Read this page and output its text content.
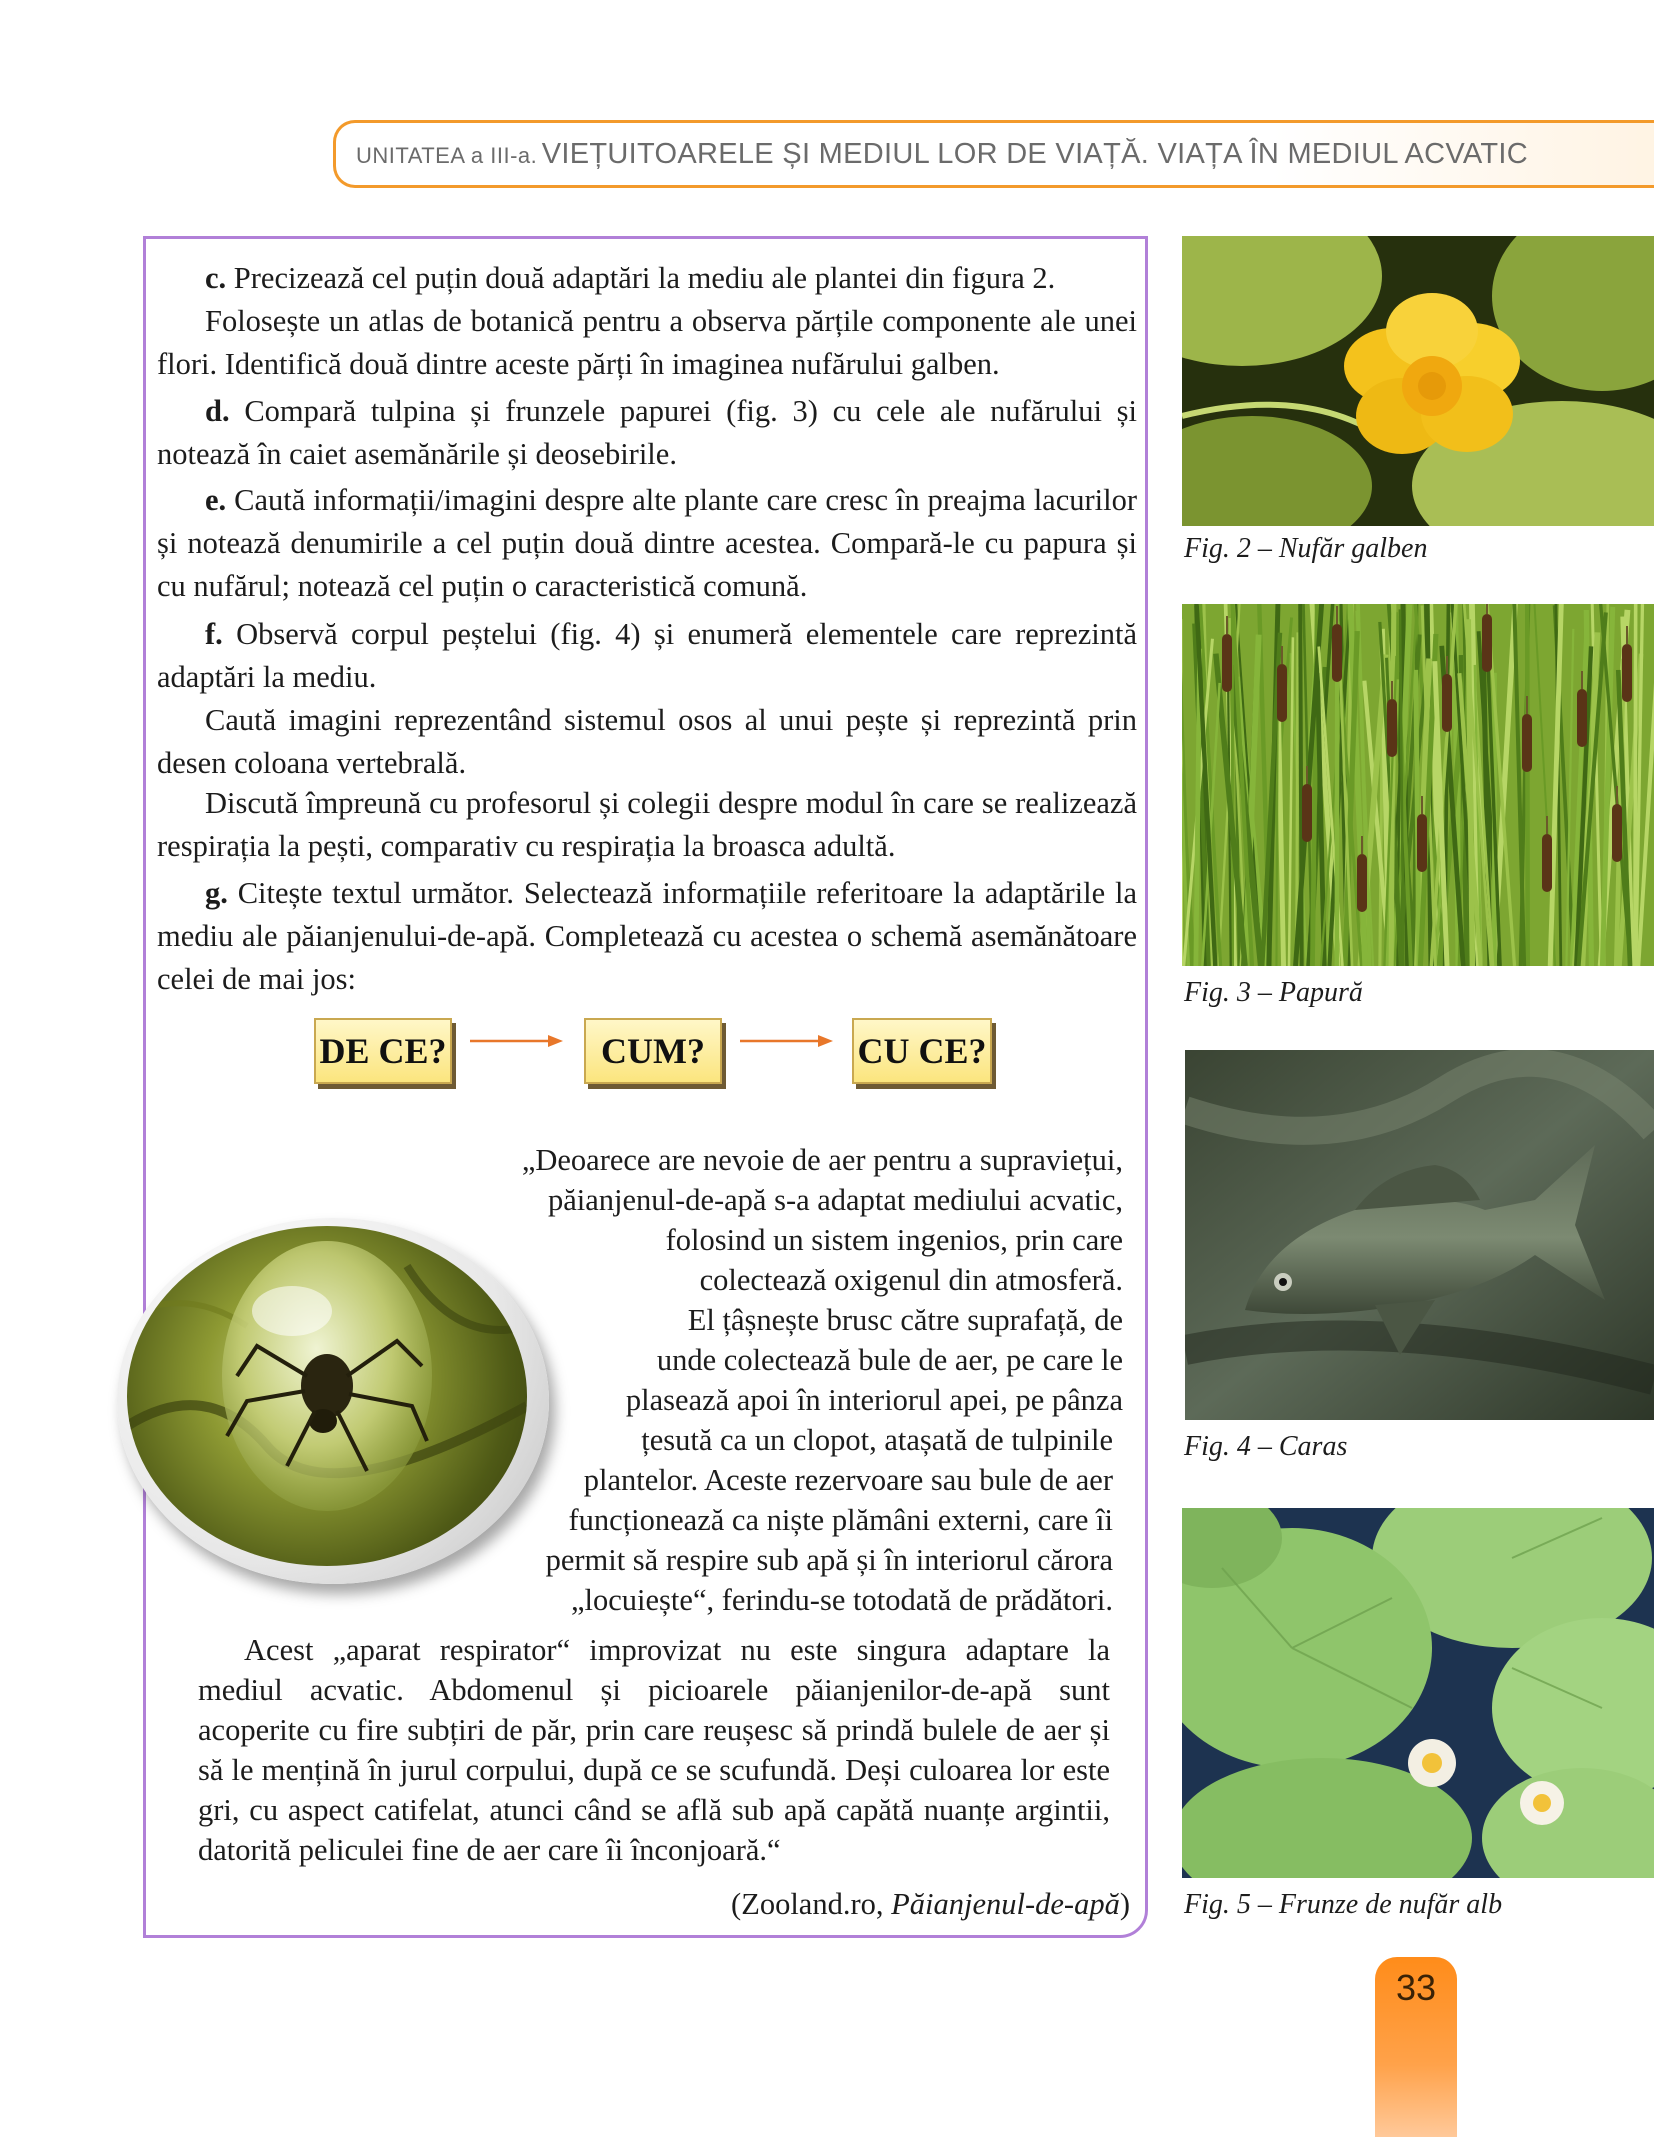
UNITATEA a III-a. VIEȚUITOARELE ȘI MEDIUL LOR DE VIAȚĂ. VIAȚA ÎN MEDIUL ACVATIC

c. Precizează cel puțin două adaptări la mediu ale plantei din figura 2.

Folosește un atlas de botanică pentru a observa părțile componente ale unei flori. Identifică două dintre aceste părți în imaginea nufărului galben.

d. Compară tulpina și frunzele papurei (fig. 3) cu cele ale nufărului și notează în caiet asemănările și deosebirile.

e. Caută informații/imagini despre alte plante care cresc în preajma lacurilor și notează denumirile a cel puțin două dintre acestea. Compară-le cu papura și cu nufărul; notează cel puțin o caracteristică comună.

f. Observă corpul peștelui (fig. 4) și enumeră elementele care reprezintă adaptări la mediu.

Caută imagini reprezentând sistemul osos al unui pește și reprezintă prin desen coloana vertebrală.

Discută împreună cu profesorul și colegii despre modul în care se realizează respirația la pești, comparativ cu respirația la broasca adultă.

g. Citește textul următor. Selectează informațiile referitoare la adaptările la mediu ale păianjenului-de-apă. Completează cu acestea o schemă asemănătoare celei de mai jos:

DE CE?	CUM?	CU CE?
„Deoarece are nevoie de aer pentru a supraviețui,
păianjenul-de-apă s-a adaptat mediului acvatic,
folosind un sistem ingenios, prin care
colectează oxigenul din atmosferă.
El țâșnește brusc către suprafață, de
unde colectează bule de aer, pe care le
plasează apoi în interiorul apei, pe pânza
țesută ca un clopot, atașată de tulpinile
plantelor. Aceste rezervoare sau bule de aer
funcționează ca niște plămâni externi, care îi
permit să respire sub apă și în interiorul cărora
„locuiește“, ferindu-se totodată de prădători.

Acest „aparat respirator“ improvizat nu este singura adaptare la mediul acvatic. Abdomenul și picioarele păianjenilor-de-apă sunt acoperite cu fire subțiri de păr, prin care reușesc să prindă bulele de aer și să le mențină în jurul corpului, după ce se scufundă. Deși culoarea lor este gri, cu aspect catifelat, atunci când se află sub apă capătă nuanțe argintii, datorită peliculei fine de aer care îi înconjoară.“

(Zooland.ro, Păianjenul-de-apă)
Fig. 2 – Nufăr galben
Fig. 3 – Papură
Fig. 4 – Caras
Fig. 5 – Frunze de nufăr alb
33
